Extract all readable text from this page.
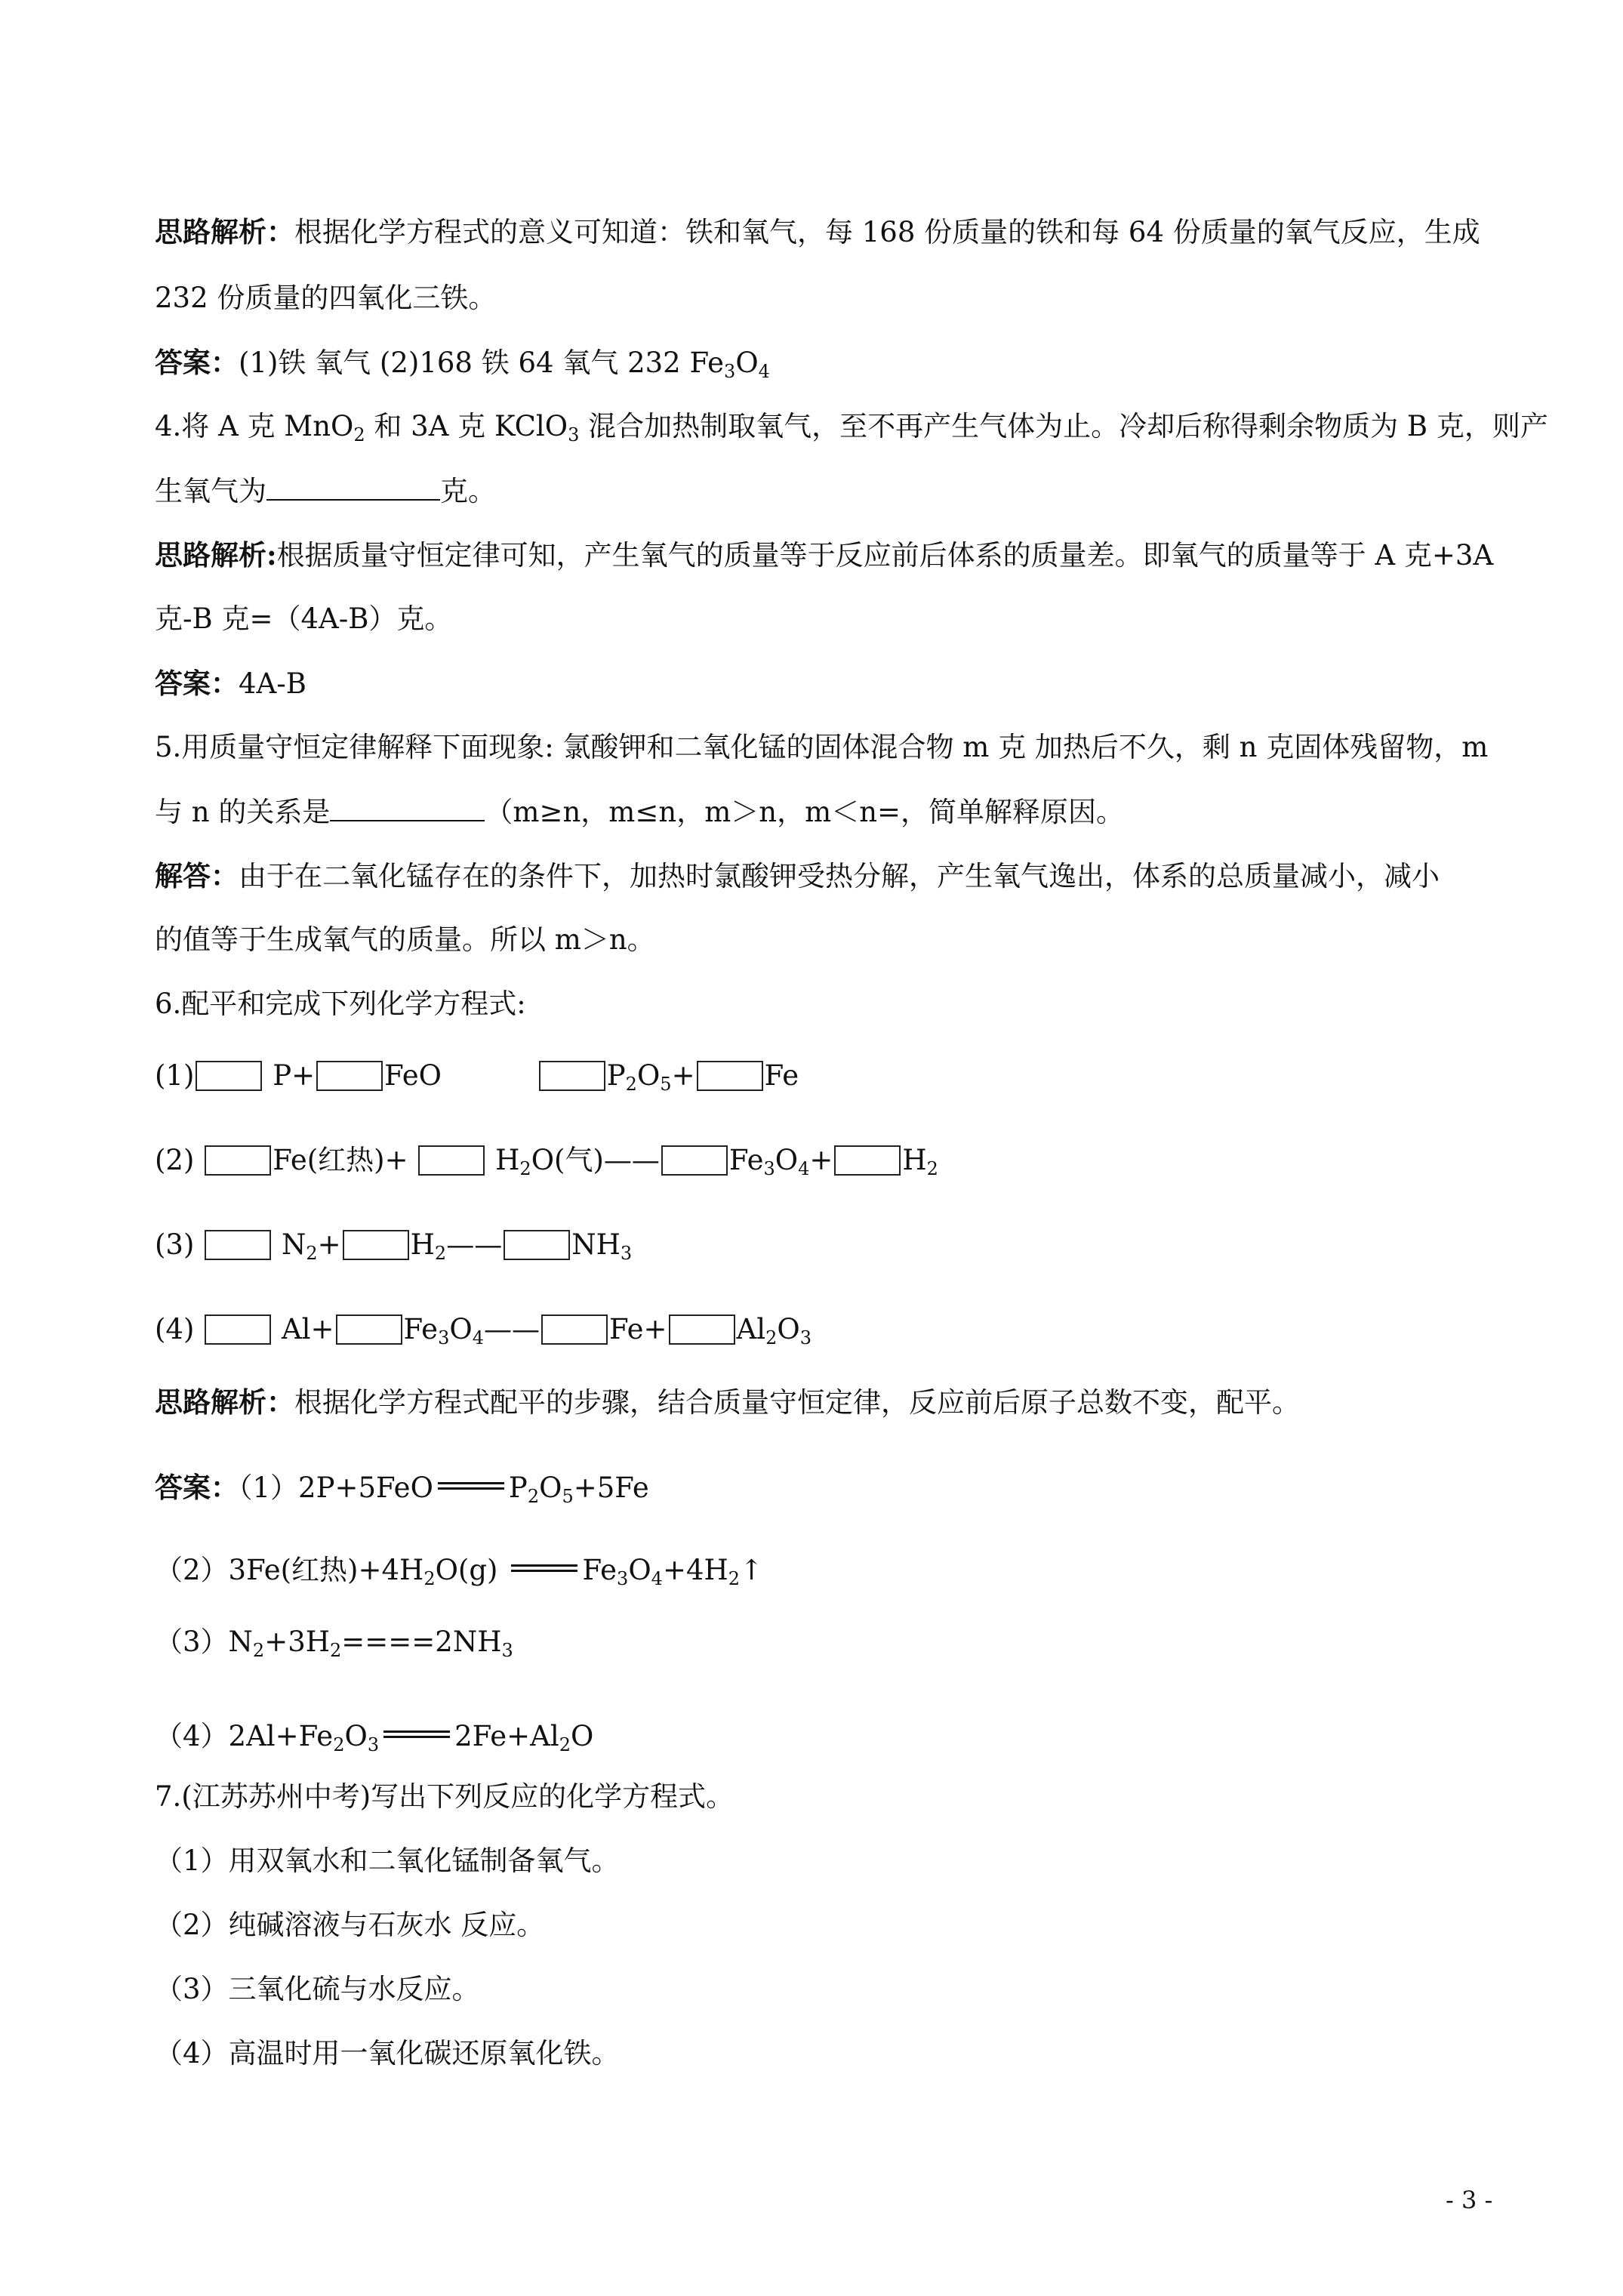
思路解析：根据化学方程式的意义可知道：铁和氧气，每 168 份质量的铁和每 64 份质量的氧气反应，生成
232 份质量的四氧化三铁。
答案：(1)铁 氧气 (2)168 铁 64 氧气 232 $Fe_3O_4$
4.将 A 克 MnO$_2$ 和 3A 克 KClO$_3$ 混合加热制取氧气，至不再产生气体为止。冷却后称得剩余物质为 B 克，则产
生氧气为	克。
思路解析:根据质量守恒定律可知，产生氧气的质量等于反应前后体系的质量差。即氧气的质量等于 A 克+3A
克-B 克=（4A-B）克。
答案：4A-B
5.用质量守恒定律解释下面现象: 氯酸钾和二氧化锰的固体混合物 m 克 加热后不久，剩 n 克固体残留物，m
与 n 的关系是	（m≥n，m≤n，m＞n，m＜n=，简单解释原因。
解答：由于在二氧化锰存在的条件下，加热时氯酸钾受热分解，产生氧气逸出，体系的总质量减小，减小
的值等于生成氧气的质量。所以 m＞n。
6.配平和完成下列化学方程式:
(1)	P+ FeO	$P_2O_5+ Fe$
(2)	Fe(红热)+	$H_2O$(气)—— $Fe_3O_4+ H_2$
(3)	$N_2+$ $H_2——$ $NH_3$
(4)	$Al+ Fe_3O_4——$ $Fe+ Al_2O_3$
思路解析：根据化学方程式配平的步骤，结合质量守恒定律，反应前后原子总数不变，配平。
答案：（1）2P+5FeO	$P_2O_5+5Fe$
（2）3Fe(红热)$+4H_2O(g)$	$Fe_3O_4+4H_2↑$
$(3)N_2+3H_2====2NH_3$
$(4)2Al+Fe_2O_3$	$2Fe+Al_2O$
7.(江苏苏州中考)写出下列反应的化学方程式。
（1）用双氧水和二氧化锰制备氧气。
（2）纯碱溶液与石灰水 反应。
（3）三氧化硫与水反应。
（4）高温时用一氧化碳还原氧化铁。
- 3 -
